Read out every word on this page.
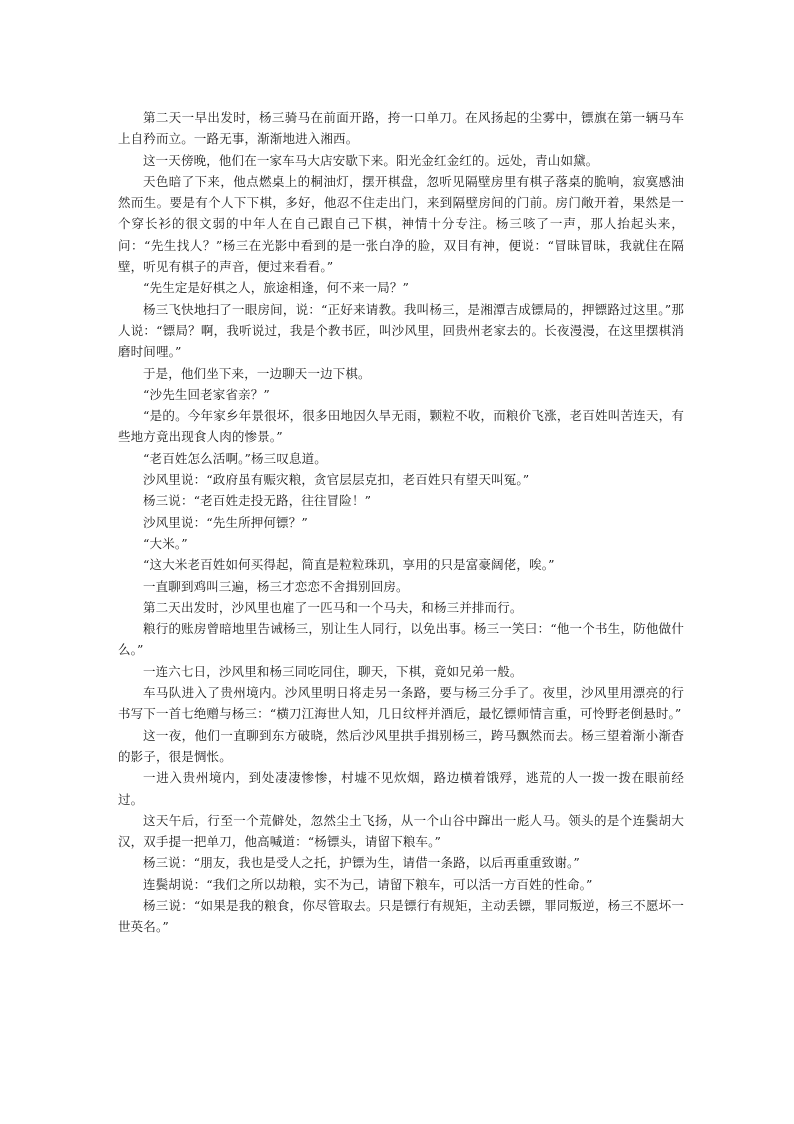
第二天一早出发时，杨三骑马在前面开路，挎一口单刀。在风扬起的尘雾中，镖旗在第一辆马车上自矜而立。一路无事，渐渐地进入湘西。

这一天傍晚，他们在一家车马大店安歇下来。阳光金红金红的。远处，青山如黛。

天色暗了下来，他点燃桌上的桐油灯，摆开棋盘，忽听见隔壁房里有棋子落桌的脆响，寂寞感油然而生。要是有个人下下棋，多好，他忍不住走出门，来到隔壁房间的门前。房门敞开着，果然是一个穿长衫的很文弱的中年人在自己跟自己下棋，神情十分专注。杨三咳了一声，那人抬起头来，问：“先生找人？”杨三在光影中看到的是一张白净的脸，双目有神，便说：“冒昧冒昧，我就住在隔壁，听见有棋子的声音，便过来看看。”

“先生定是好棋之人，旅途相逢，何不来一局？”

杨三飞快地扫了一眼房间，说：“正好来请教。我叫杨三，是湘潭吉成镖局的，押镖路过这里。”那人说：“镖局？啊，我听说过，我是个教书匠，叫沙风里，回贵州老家去的。长夜漫漫，在这里摆棋消磨时间哩。”

于是，他们坐下来，一边聊天一边下棋。

“沙先生回老家省亲？”

“是的。今年家乡年景很坏，很多田地因久旱无雨，颗粒不收，而粮价飞涨，老百姓叫苦连天，有些地方竟出现食人肉的惨景。”

“老百姓怎么活啊。”杨三叹息道。

沙风里说：“政府虽有赈灾粮，贪官层层克扣，老百姓只有望天叫冤。”

杨三说：“老百姓走投无路，往往冒险！”

沙风里说：“先生所押何镖？”

“大米。”

“这大米老百姓如何买得起，简直是粒粒珠玑，享用的只是富豪阔佬，唉。”

一直聊到鸡叫三遍，杨三才恋恋不舍揖别回房。

第二天出发时，沙风里也雇了一匹马和一个马夫，和杨三并排而行。

粮行的账房曾暗地里告诫杨三，别让生人同行，以免出事。杨三一笑曰：“他一个书生，防他做什么。”

一连六七日，沙风里和杨三同吃同住，聊天，下棋，竟如兄弟一般。

车马队进入了贵州境内。沙风里明日将走另一条路，要与杨三分手了。夜里，沙风里用漂亮的行书写下一首七绝赠与杨三：“横刀江海世人知，几日纹枰并酒卮，最忆镖师情言重，可怜野老倒悬时。”

这一夜，他们一直聊到东方破晓，然后沙风里拱手揖别杨三，跨马飘然而去。杨三望着渐小渐杳的影子，很是惆怅。

一进入贵州境内，到处凄凄惨惨，村墟不见炊烟，路边横着饿殍，逃荒的人一拨一拨在眼前经过。

这天午后，行至一个荒僻处，忽然尘土飞扬，从一个山谷中蹿出一彪人马。领头的是个连鬓胡大汉，双手提一把单刀，他高喊道：“杨镖头，请留下粮车。”

杨三说：“朋友，我也是受人之托，护镖为生，请借一条路，以后再重重致谢。”

连鬓胡说：“我们之所以劫粮，实不为己，请留下粮车，可以活一方百姓的性命。”

杨三说：“如果是我的粮食，你尽管取去。只是镖行有规矩，主动丢镖，罪同叛逆，杨三不愿坏一世英名。”
